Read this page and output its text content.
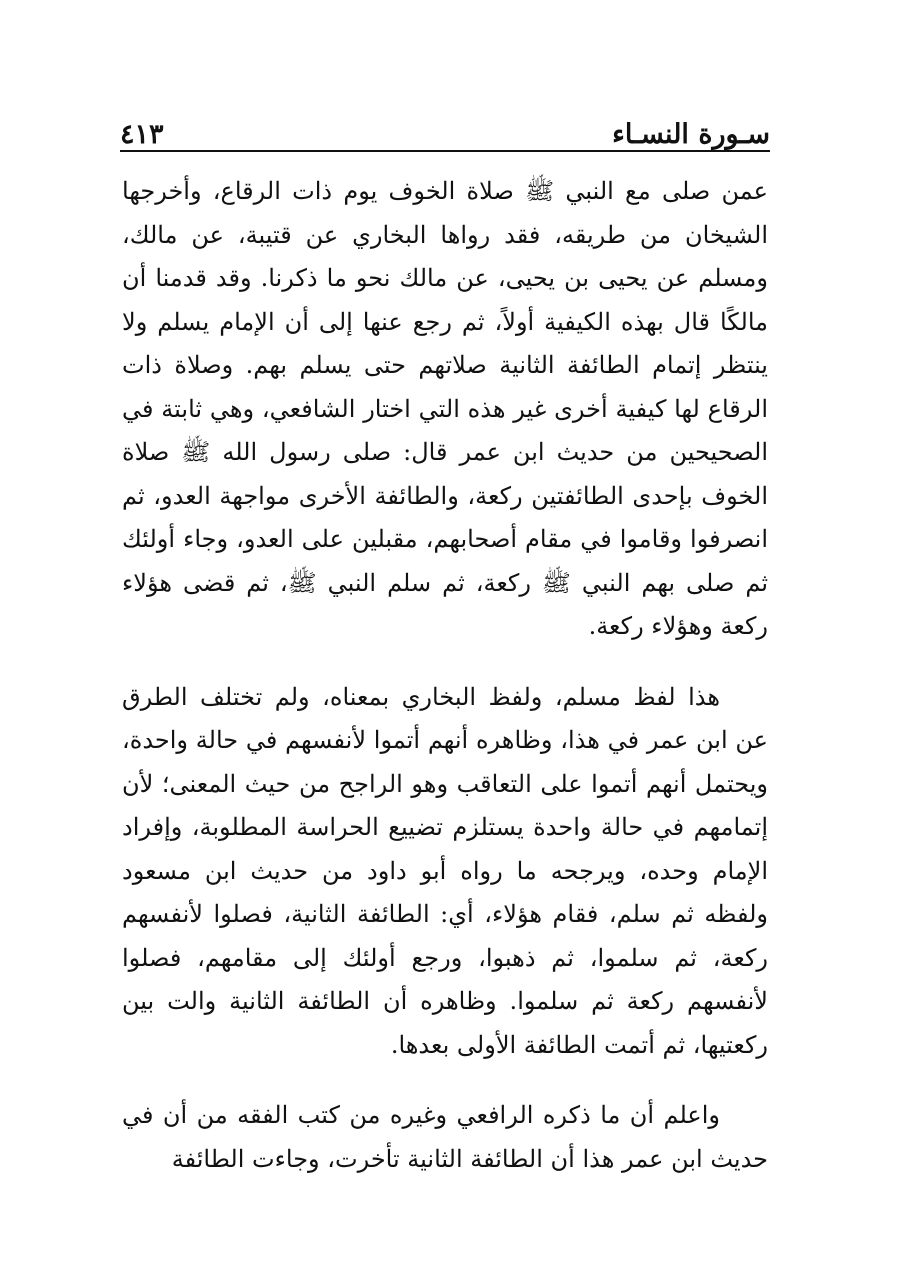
سـورة النسـاء
٤١٣

عمن صلى مع النبي ﷺ صلاة الخوف يوم ذات الرقاع، وأخرجها الشيخان من طريقه، فقد رواها البخاري عن قتيبة، عن مالك، ومسلم عن يحيى بن يحيى، عن مالك نحو ما ذكرنا. وقد قدمنا أن مالكًا قال بهذه الكيفية أولاً، ثم رجع عنها إلى أن الإمام يسلم ولا ينتظر إتمام الطائفة الثانية صلاتهم حتى يسلم بهم. وصلاة ذات الرقاع لها كيفية أخرى غير هذه التي اختار الشافعي، وهي ثابتة في الصحيحين من حديث ابن عمر قال: صلى رسول الله ﷺ صلاة الخوف بإحدى الطائفتين ركعة، والطائفة الأخرى مواجهة العدو، ثم انصرفوا وقاموا في مقام أصحابهم، مقبلين على العدو، وجاء أولئك ثم صلى بهم النبي ﷺ ركعة، ثم سلم النبي ﷺ، ثم قضى هؤلاء ركعة وهؤلاء ركعة.

هذا لفظ مسلم، ولفظ البخاري بمعناه، ولم تختلف الطرق عن ابن عمر في هذا، وظاهره أنهم أتموا لأنفسهم في حالة واحدة، ويحتمل أنهم أتموا على التعاقب وهو الراجح من حيث المعنى؛ لأن إتمامهم في حالة واحدة يستلزم تضييع الحراسة المطلوبة، وإفراد الإمام وحده، ويرجحه ما رواه أبو داود من حديث ابن مسعود ولفظه ثم سلم، فقام هؤلاء، أي: الطائفة الثانية، فصلوا لأنفسهم ركعة، ثم سلموا، ثم ذهبوا، ورجع أولئك إلى مقامهم، فصلوا لأنفسهم ركعة ثم سلموا. وظاهره أن الطائفة الثانية والت بين ركعتيها، ثم أتمت الطائفة الأولى بعدها.

واعلم أن ما ذكره الرافعي وغيره من كتب الفقه من أن في حديث ابن عمر هذا أن الطائفة الثانية تأخرت، وجاءت الطائفة
